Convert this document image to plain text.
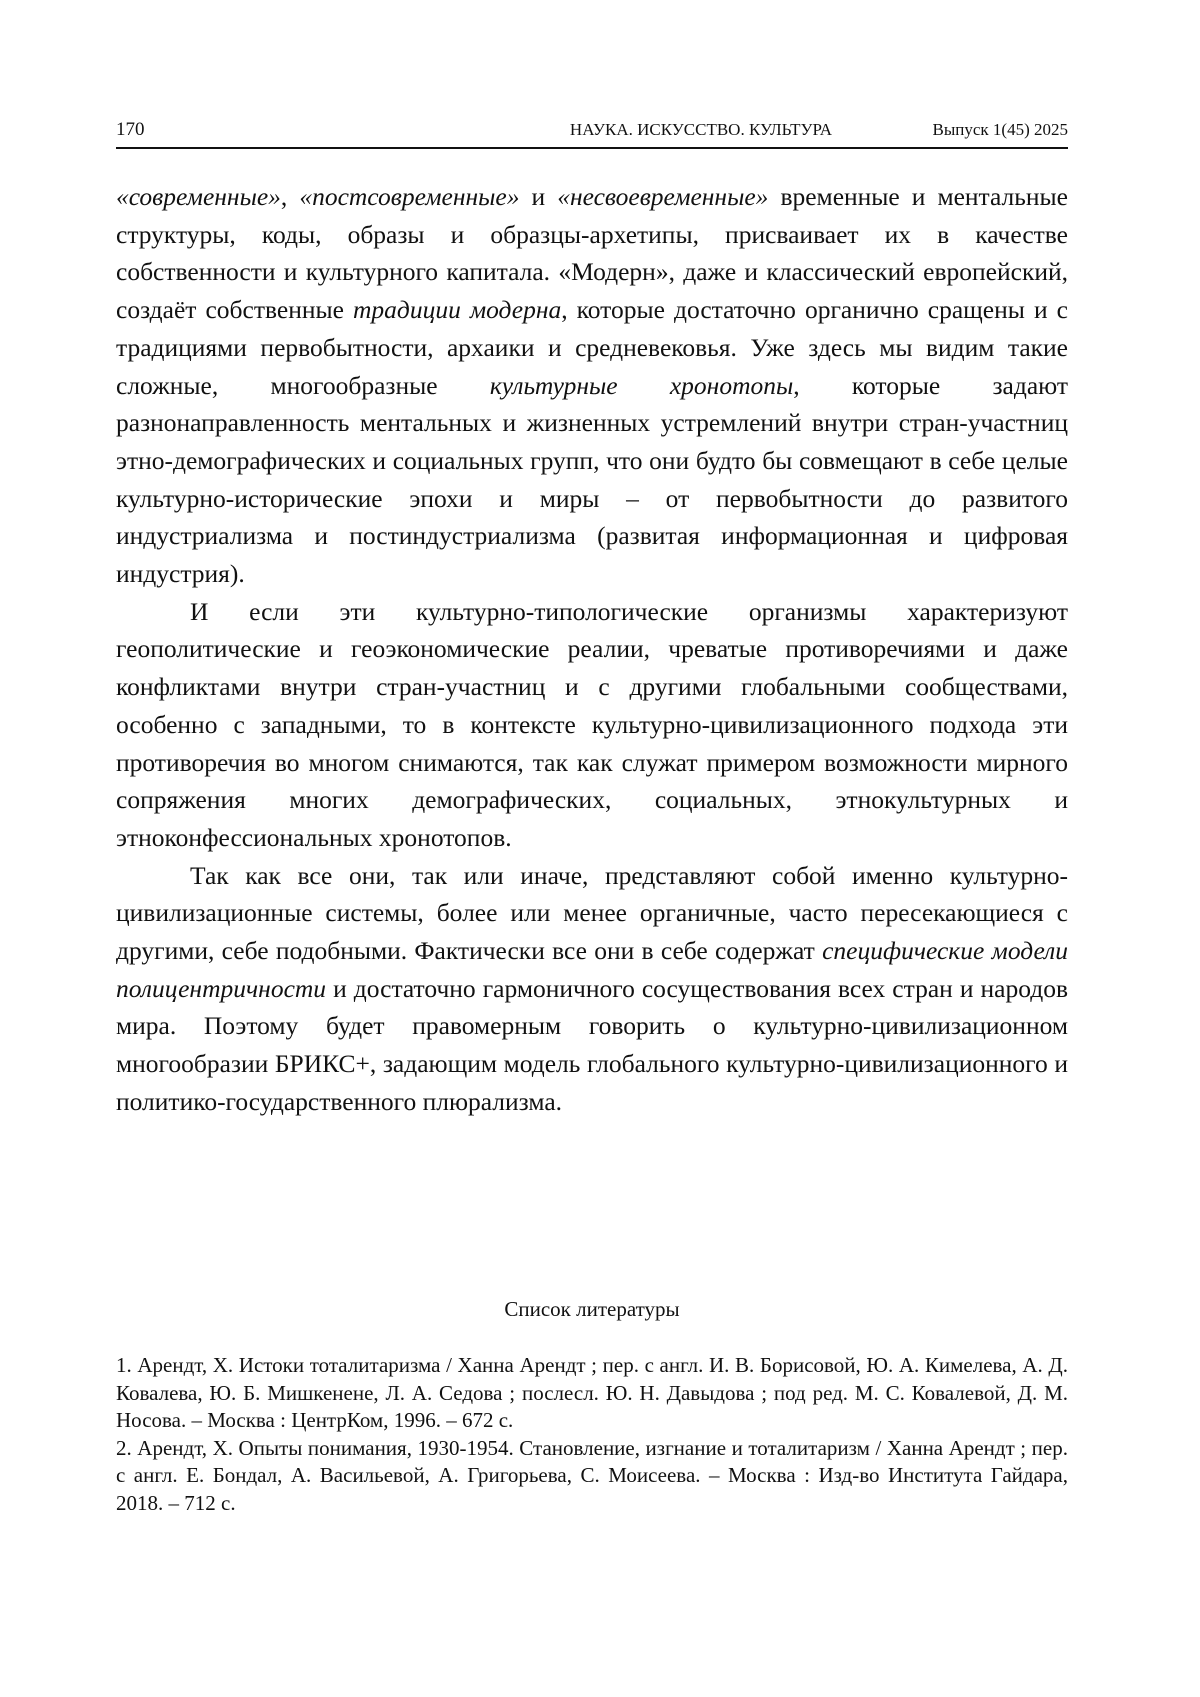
170	НАУКА. ИСКУССТВО. КУЛЬТУРА	Выпуск 1(45) 2025

«современные», «постсовременные» и «несвоевременные» временные и ментальные структуры, коды, образы и образцы-архетипы, присваивает их в качестве собственности и культурного капитала. «Модерн», даже и классический европейский, создаёт собственные традиции модерна, которые достаточно органично сращены и с традициями первобытности, архаики и средневековья. Уже здесь мы видим такие сложные, многообразные культурные хронотопы, которые задают разнонаправленность ментальных и жизненных устремлений внутри стран-участниц этно-демографических и социальных групп, что они будто бы совмещают в себе целые культурно-исторические эпохи и миры – от первобытности до развитого индустриализма и постиндустриализма (развитая информационная и цифровая индустрия).

И если эти культурно-типологические организмы характеризуют геополитические и геоэкономические реалии, чреватые противоречиями и даже конфликтами внутри стран-участниц и с другими глобальными сообществами, особенно с западными, то в контексте культурно-цивилизационного подхода эти противоречия во многом снимаются, так как служат примером возможности мирного сопряжения многих демографических, социальных, этнокультурных и этноконфессиональных хронотопов.

Так как все они, так или иначе, представляют собой именно культурно-цивилизационные системы, более или менее органичные, часто пересекающиеся с другими, себе подобными. Фактически все они в себе содержат специфические модели полицентричности и достаточно гармоничного сосуществования всех стран и народов мира. Поэтому будет правомерным говорить о культурно-цивилизационном многообразии БРИКС+, задающим модель глобального культурно-цивилизационного и политико-государственного плюрализма.

Список литературы

1. Арендт, Х. Истоки тоталитаризма / Ханна Арендт ; пер. с англ. И. В. Борисовой, Ю. А. Кимелева, А. Д. Ковалева, Ю. Б. Мишкенене, Л. А. Седова ; послесл. Ю. Н. Давыдова ; под ред. М. С. Ковалевой, Д. М. Носова. – Москва : ЦентрКом, 1996. – 672 с.

2. Арендт, Х. Опыты понимания, 1930-1954. Становление, изгнание и тоталитаризм / Ханна Арендт ; пер. с англ. Е. Бондал, А. Васильевой, А. Григорьева, С. Моисеева. – Москва : Изд-во Института Гайдара, 2018. – 712 с.
